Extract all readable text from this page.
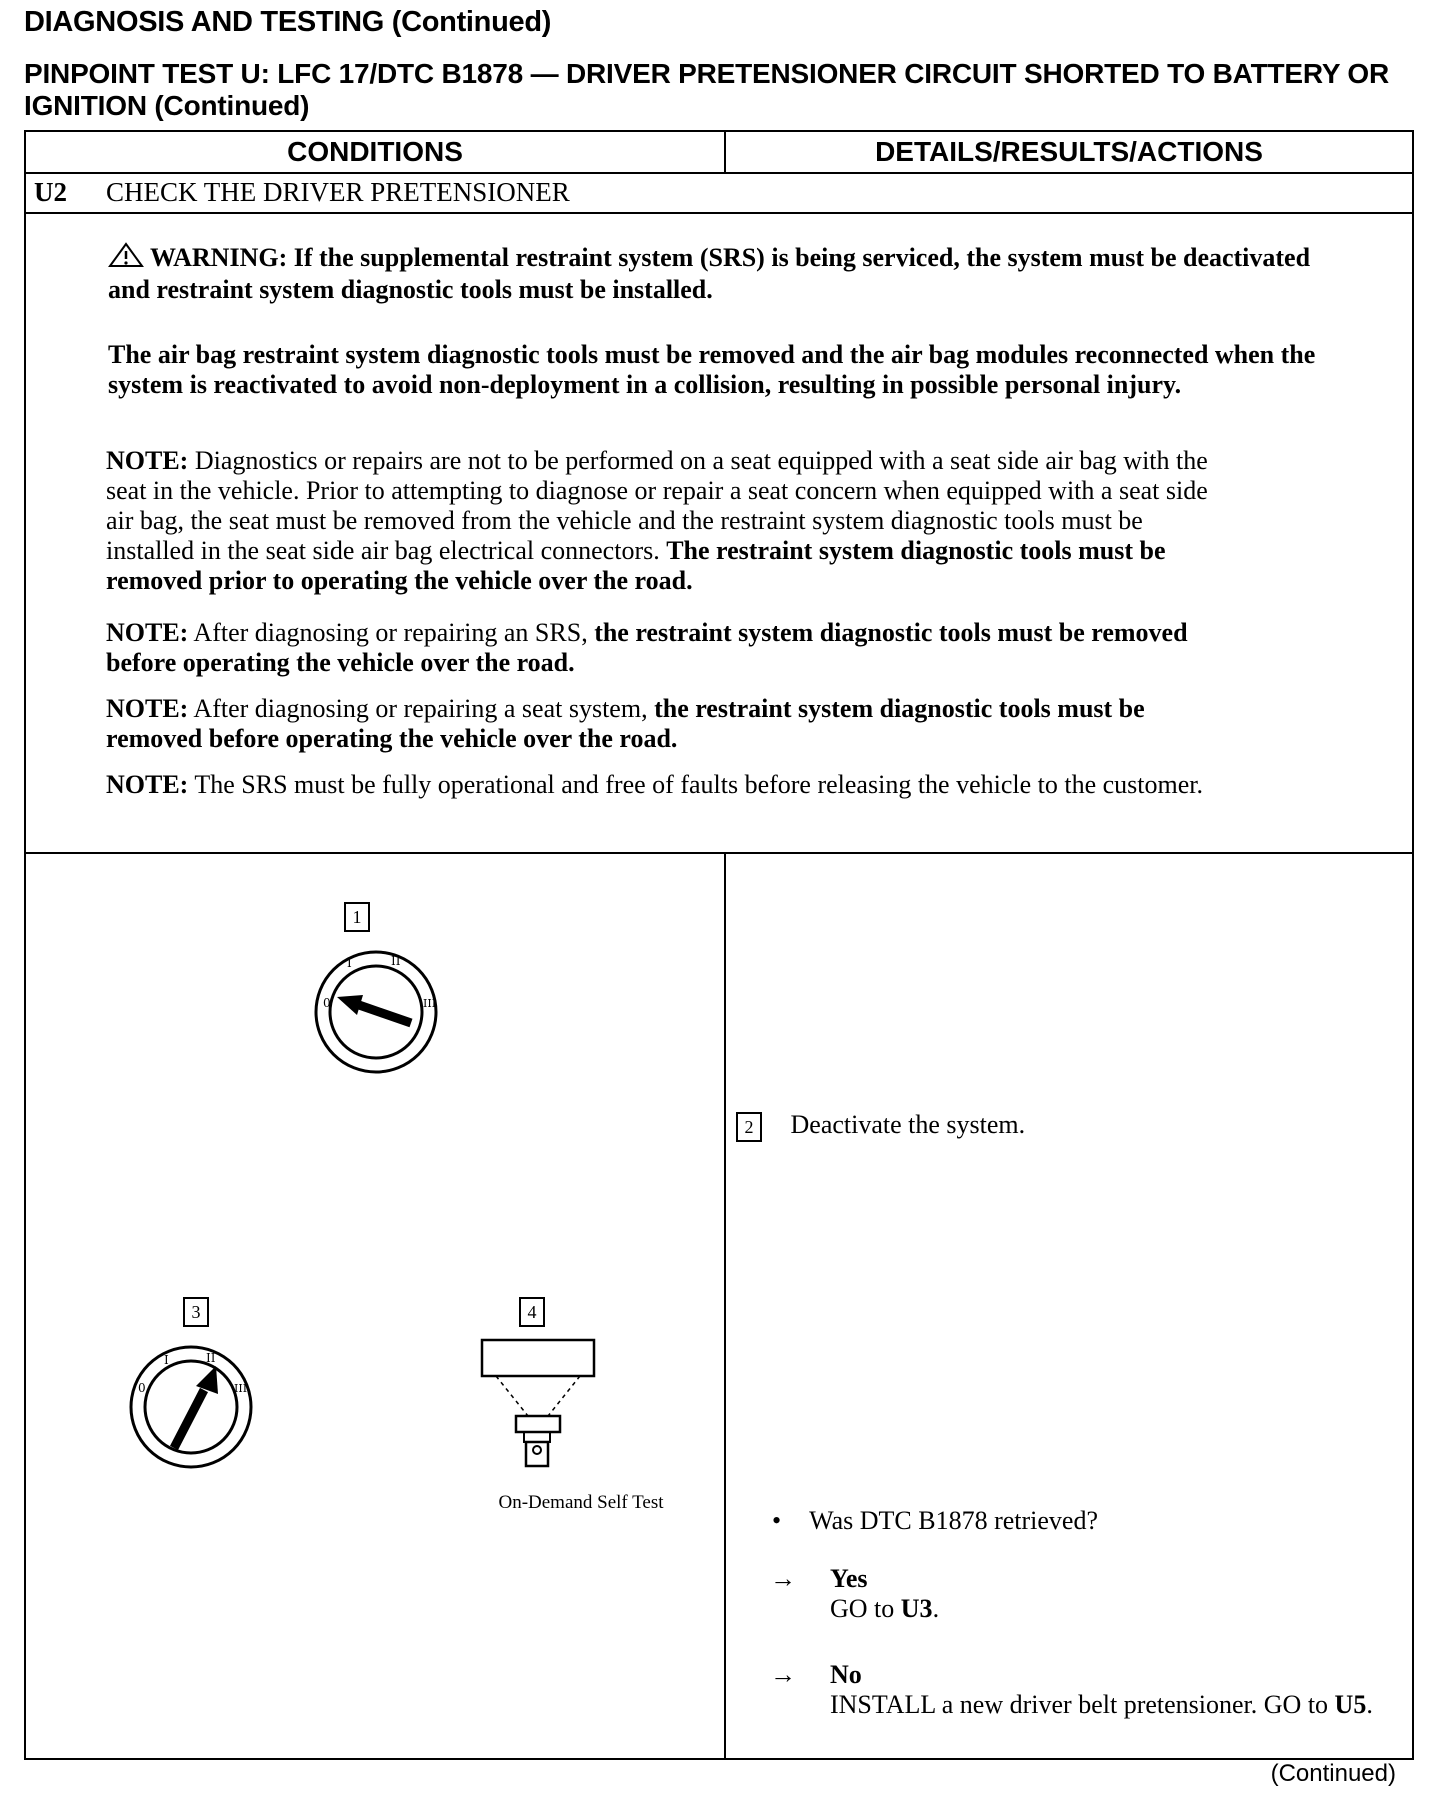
DIAGNOSIS AND TESTING (Continued)
PINPOINT TEST U: LFC 17/DTC B1878 — DRIVER PRETENSIONER CIRCUIT SHORTED TO BATTERY OR IGNITION (Continued)
CONDITIONS	DETAILS/RESULTS/ACTIONS
U2 CHECK THE DRIVER PRETENSIONER
WARNING: If the supplemental restraint system (SRS) is being serviced, the system must be deactivated and restraint system diagnostic tools must be installed.
The air bag restraint system diagnostic tools must be removed and the air bag modules reconnected when the system is reactivated to avoid non-deployment in a collision, resulting in possible personal injury.
NOTE: Diagnostics or repairs are not to be performed on a seat equipped with a seat side air bag with the seat in the vehicle. Prior to attempting to diagnose or repair a seat concern when equipped with a seat side air bag, the seat must be removed from the vehicle and the restraint system diagnostic tools must be installed in the seat side air bag electrical connectors. The restraint system diagnostic tools must be removed prior to operating the vehicle over the road.
NOTE: After diagnosing or repairing an SRS, the restraint system diagnostic tools must be removed before operating the vehicle over the road.
NOTE: After diagnosing or repairing a seat system, the restraint system diagnostic tools must be removed before operating the vehicle over the road.
NOTE: The SRS must be fully operational and free of faults before releasing the vehicle to the customer.
1
0
I	II
III
3
0
I	II
III
4
On-Demand Self Test
2 Deactivate the system.
• Was DTC B1878 retrieved?
→ Yes
GO to U3.
→ No
INSTALL a new driver belt pretensioner. GO to U5.
(Continued)
